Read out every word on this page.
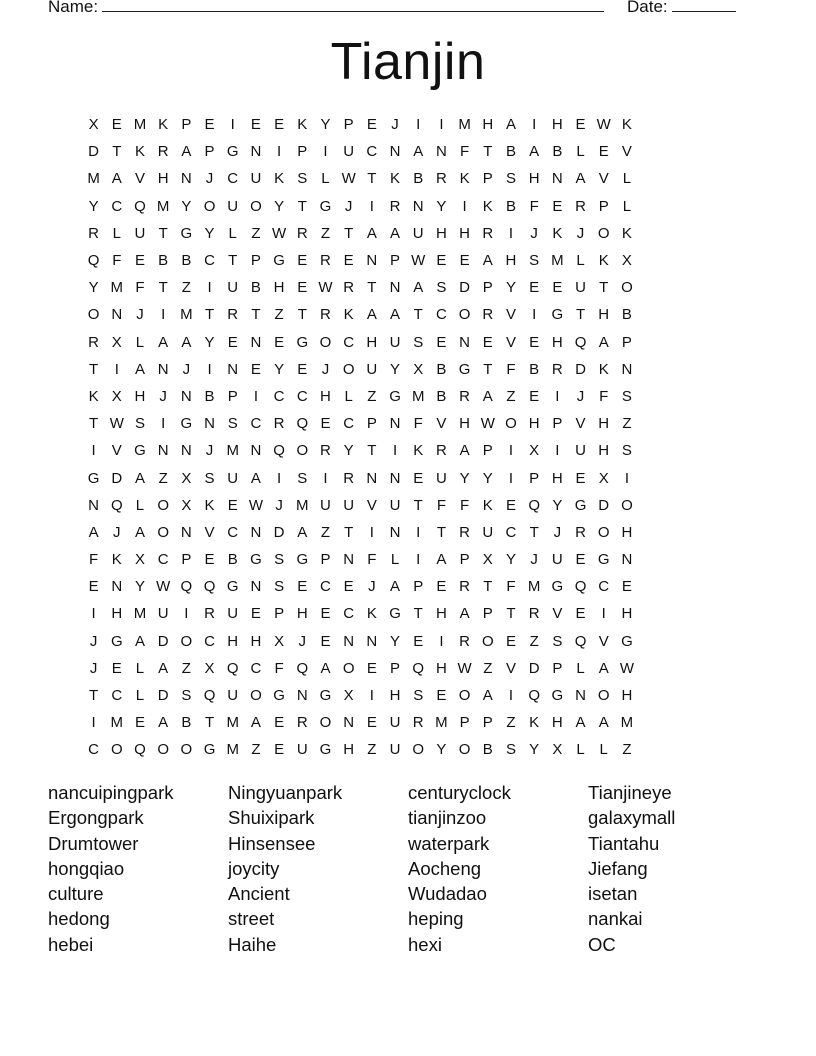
Name:	Date:
Tianjin
X E M K P E	I	E E K Y P E J	I	I M H A	I	H E W K
D T K R A P G N	I	P	I	U C N A N F T B A B L E V
M A V H N J C U K S L W T K B R K P S H N A V L
Y C Q M Y O U O Y T G J	I	R N Y	I	K B F E R P L
R L U T G Y L Z W R Z T A A U H H R	I	J K J O K
Q F E B B C T P G E R E N P W E E A H S M L K X
Y M F T Z	I	U B H E W R T N A S D P Y E E U T O
O N J	I M T R T Z T R K A A T C O R V	I	G T H B
R X L A A Y E N E G O C H U S E N E V E H Q A P
T	I	A N J	I	N E Y E J O U Y X B G T F B R D K N
K X H J N B P	I	C C H L Z G M B R A Z E	I	J F S
T W S	I	G N S C R Q E C P N F V H W O H P V H Z
I	V G N N J M N Q O R Y T	I	K R A P	I	X	I	U H S
G D A Z X S U A	I	S	I	R N N E U Y Y	I	P H E X	I
N Q L O X K E W J M U U V U T F F K E Q Y G D O
A J A O N V C N D A Z T	I	N	I	T R U C T J R O H
F K X C P E B G S G P N F L	I	A P X Y J U E G N
E N Y W Q Q G N S E C E J A P E R T F M G Q C E
I	H M U	I	R U E P H E C K G T H A P T R V E	I	H
J G A D O C H H X J E N N Y E	I	R O E Z S Q V G
J E L A Z X Q C F Q A O E P Q H W Z V D P L A W
T C L D S Q U O G N G X	I	H S E O A	I	Q G N O H
I M E A B T M A E R O N E U R M P P Z K H A A M
C O Q O O G M Z E U G H Z U O Y O B S Y X L L Z
nancuipingpark
Ergongpark
Drumtower
hongqiao
culture
hedong
hebei
Ningyuanpark
Shuixipark
Hinsensee
joycity
Ancient
street
Haihe
centuryclock
tianjinzoo
waterpark
Aocheng
Wudadao
heping
hexi
Tianjineye
galaxymall
Tiantahu
Jiefang
isetan
nankai
OC
